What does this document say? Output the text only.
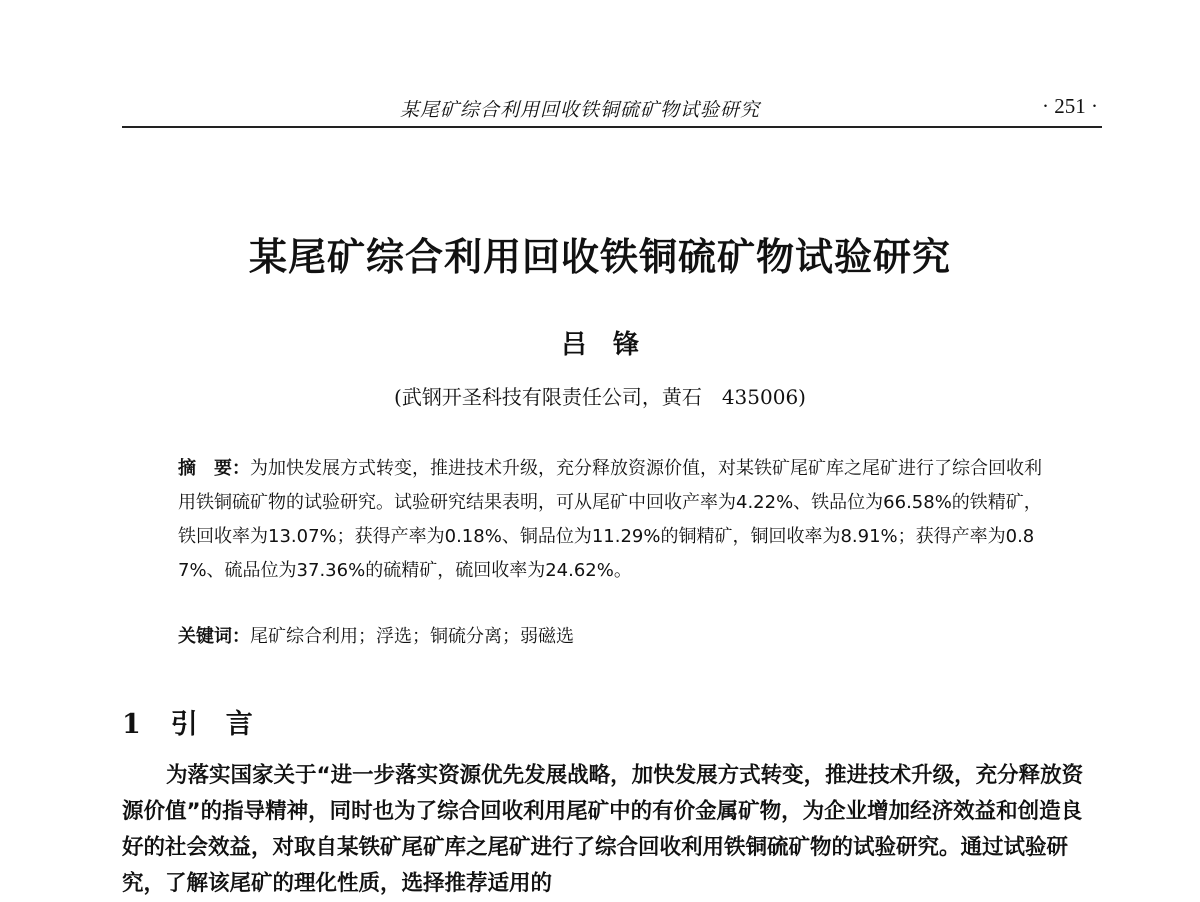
某尾矿综合利用回收铁铜硫矿物试验研究	· 251 ·
某尾矿综合利用回收铁铜硫矿物试验研究
吕锋
(武钢开圣科技有限责任公司，黄石　435006)
摘　要：为加快发展方式转变，推进技术升级，充分释放资源价值，对某铁矿尾矿库之尾矿进行了综合回收利用铁铜硫矿物的试验研究。试验研究结果表明，可从尾矿中回收产率为4.22%、铁品位为66.58%的铁精矿，铁回收率为13.07%；获得产率为0.18%、铜品位为11.29%的铜精矿，铜回收率为8.91%；获得产率为0.87%、硫品位为37.36%的硫精矿，硫回收率为24.62%。
关键词：尾矿综合利用；浮选；铜硫分离；弱磁选
1 引言

为落实国家关于“进一步落实资源优先发展战略，加快发展方式转变，推进技术升级，充分释放资源价值”的指导精神，同时也为了综合回收利用尾矿中的有价金属矿物，为企业增加经济效益和创造良好的社会效益，对取自某铁矿尾矿库之尾矿进行了综合回收利用铁铜硫矿物的试验研究。通过试验研究，了解该尾矿的理化性质，选择推荐适用的
